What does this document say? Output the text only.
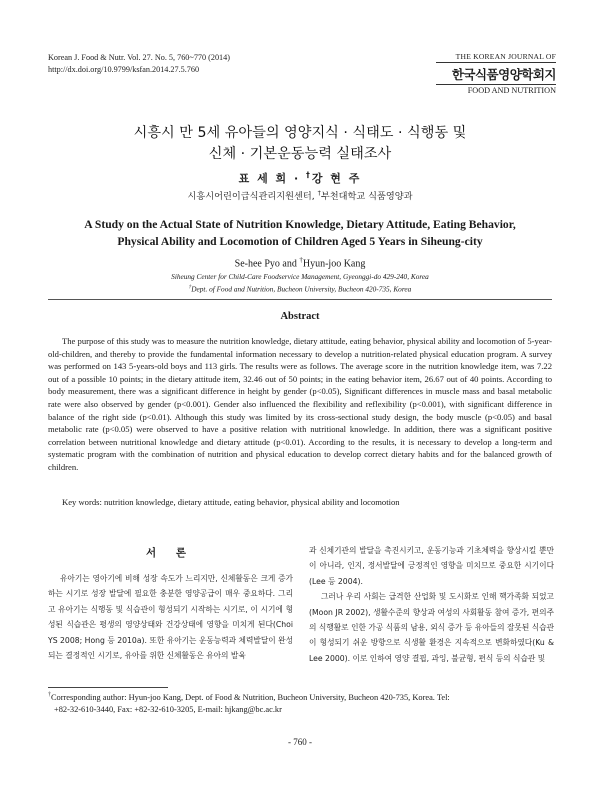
Korean J. Food & Nutr. Vol. 27. No. 5, 760~770 (2014)
http://dx.doi.org/10.9799/ksfan.2014.27.5.760
THE KOREAN JOURNAL OF
한국식품영양학회지
FOOD AND NUTRITION
시흥시 만 5세 유아들의 영양지식 · 식태도 · 식행동 및
신체 · 기본운동능력 실태조사
표 세 희 · †강 현 주
시흥시어린이급식관리지원센터, †부천대학교 식품영양과
A Study on the Actual State of Nutrition Knowledge, Dietary Attitude, Eating Behavior,
Physical Ability and Locomotion of Children Aged 5 Years in Siheung-city
Se-hee Pyo and †Hyun-joo Kang
Siheung Center for Child-Care Foodservice Management, Gyeonggi-do 429-240, Korea
†Dept. of Food and Nutrition, Bucheon University, Bucheon 420-735, Korea
Abstract
The purpose of this study was to measure the nutrition knowledge, dietary attitude, eating behavior, physical ability and locomotion of 5-year-old-children, and thereby to provide the fundamental information necessary to develop a nutrition-related physical education program. A survey was performed on 143 5-years-old boys and 113 girls. The results were as follows. The average score in the nutrition knowledge item, was 7.22 out of a possible 10 points; in the dietary attitude item, 32.46 out of 50 points; in the eating behavior item, 26.67 out of 40 points. According to body measurement, there was a significant difference in height by gender (p<0.05), Significant differences in muscle mass and basal metabolic rate were also observed by gender (p<0.001). Gender also influenced the flexibility and reflexibility (p<0.001), with significant difference in balance of the right side (p<0.01). Although this study was limited by its cross-sectional study design, the body muscle (p<0.05) and basal metabolic rate (p<0.05) were observed to have a positive relation with nutritional knowledge. In addition, there was a significant positive correlation between nutritional knowledge and dietary attitude (p<0.01). According to the results, it is necessary to develop a long-term and systematic program with the combination of nutrition and physical education to develop correct dietary habits and for the balanced growth of children.
Key words: nutrition knowledge, dietary attitude, eating behavior, physical ability and locomotion
서 론

유아기는 영아기에 비해 성장 속도가 느리지만, 신체활동은 크게 증가하는 시기로 성장 발달에 필요한 충분한 영양공급이 매우 중요하다. 그리고 유아기는 식행동 및 식습관이 형성되기 시작하는 시기로, 이 시기에 형성된 식습관은 평생의 영양상태와 건강상태에 영향을 미치게 된다(Choi YS 2008; Hong 등 2010a). 또한 유아기는 운동능력과 체력발달이 완성되는 결정적인 시기로, 유아를 위한 신체활동은 유아의 발육

과 신체기관의 발달을 촉진시키고, 운동기능과 기초체력을 향상시킬 뿐만이 아니라, 인지, 정서발달에 긍정적인 영향을 미치므로 중요한 시기이다(Lee 등 2004).

그러나 우리 사회는 급격한 산업화 및 도시화로 인해 핵가족화 되었고(Moon JR 2002), 생활수준의 향상과 여성의 사회활동 참여 증가, 편의주의 식행활로 인한 가공 식품의 남용, 외식 증가 등 유아들의 잘못된 식습관이 형성되기 쉬운 방향으로 식생활 환경은 지속적으로 변화하였다(Ku & Lee 2000). 이로 인하여 영양 결핍, 과잉, 불균형, 편식 등의 식습관 및

†Corresponding author: Hyun-joo Kang, Dept. of Food & Nutrition, Bucheon University, Bucheon 420-735, Korea. Tel:
+82-32-610-3440, Fax: +82-32-610-3205, E-mail: hjkang@bc.ac.kr
- 760 -
